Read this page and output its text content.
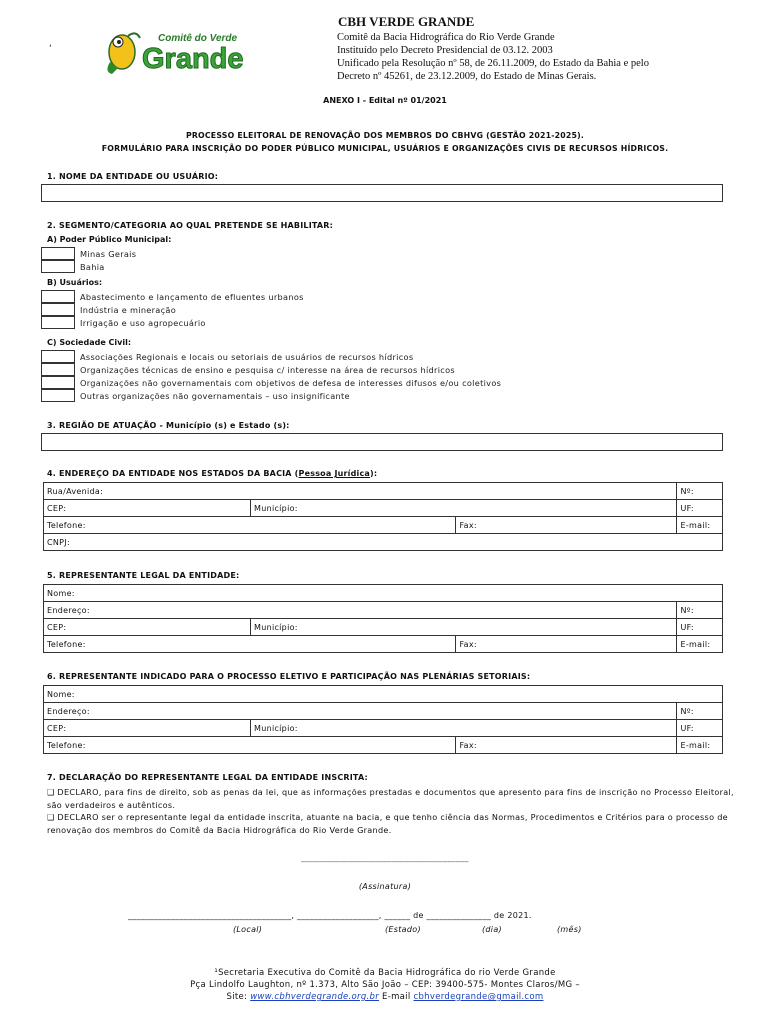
‘
Comitê do Verde
Grande
CBH VERDE GRANDE
Comitê da Bacia Hidrográfica do Rio Verde Grande
Instituído pelo Decreto Presidencial de 03.12. 2003
Unificado pela Resolução nº 58, de 26.11.2009, do Estado da Bahia e pelo
Decreto nº 45261, de 23.12.2009, do Estado de Minas Gerais.
ANEXO I - Edital nº 01/2021
PROCESSO ELEITORAL DE RENOVAÇÃO DOS MEMBROS DO CBHVG (GESTÃO 2021-2025).
FORMULÁRIO PARA INSCRIÇÃO DO PODER PÚBLICO MUNICIPAL, USUÁRIOS E ORGANIZAÇÕES CIVIS DE RECURSOS HÍDRICOS.
1. NOME DA ENTIDADE OU USUÁRIO:
2. SEGMENTO/CATEGORIA AO QUAL PRETENDE SE HABILITAR:
A) Poder Público Municipal:
Minas Gerais
Bahia
B) Usuários:
Abastecimento e lançamento de efluentes urbanos
Indústria e mineração
Irrigação e uso agropecuário
C) Sociedade Civil:
Associações Regionais e locais ou setoriais de usuários de recursos hídricos
Organizações técnicas de ensino e pesquisa c/ interesse na área de recursos hídricos
Organizações não governamentais com objetivos de defesa de interesses difusos e/ou coletivos
Outras organizações não governamentais – uso insignificante
3. REGIÃO DE ATUAÇÃO - Município (s) e Estado (s):
4. ENDEREÇO DA ENTIDADE NOS ESTADOS DA BACIA (Pessoa Jurídica):
Rua/Avenida:			Nº:
CEP:	Município:		UF:
Telefone:		Fax:	E-mail:
CNPJ:			
5. REPRESENTANTE LEGAL DA ENTIDADE:
Nome:			
Endereço:			Nº:
CEP:	Município:		UF:
Telefone:		Fax:	E-mail:
6. REPRESENTANTE INDICADO PARA O PROCESSO ELETIVO E PARTICIPAÇÃO NAS PLENÁRIAS SETORIAIS:
Nome:			
Endereço:			Nº:
CEP:	Município:		UF:
Telefone:		Fax:	E-mail:
7. DECLARAÇÃO DO REPRESENTANTE LEGAL DA ENTIDADE INSCRITA:
❑ DECLARO, para fins de direito, sob as penas da lei, que as informações prestadas e documentos que apresento para fins de inscrição no Processo Eleitoral, são verdadeiros e autênticos.
❑ DECLARO ser o representante legal da entidade inscrita, atuante na bacia, e que tenho ciência das Normas, Procedimentos e Critérios para o processo de renovação dos membros do Comitê da Bacia Hidrográfica do Rio Verde Grande.
_______________________________________
(Assinatura)
______________________________________, ___________________, ______ de _______________ de 2021.
(Local)	(Estado)	(dia)	(mês)
¹Secretaria Executiva do Comitê da Bacia Hidrográfica do rio Verde Grande
Pça Lindolfo Laughton, nº 1.373, Alto São João – CEP: 39400-575- Montes Claros/MG –
Site: www.cbhverdegrande.org.br E-mail cbhverdegrande@gmail.com
